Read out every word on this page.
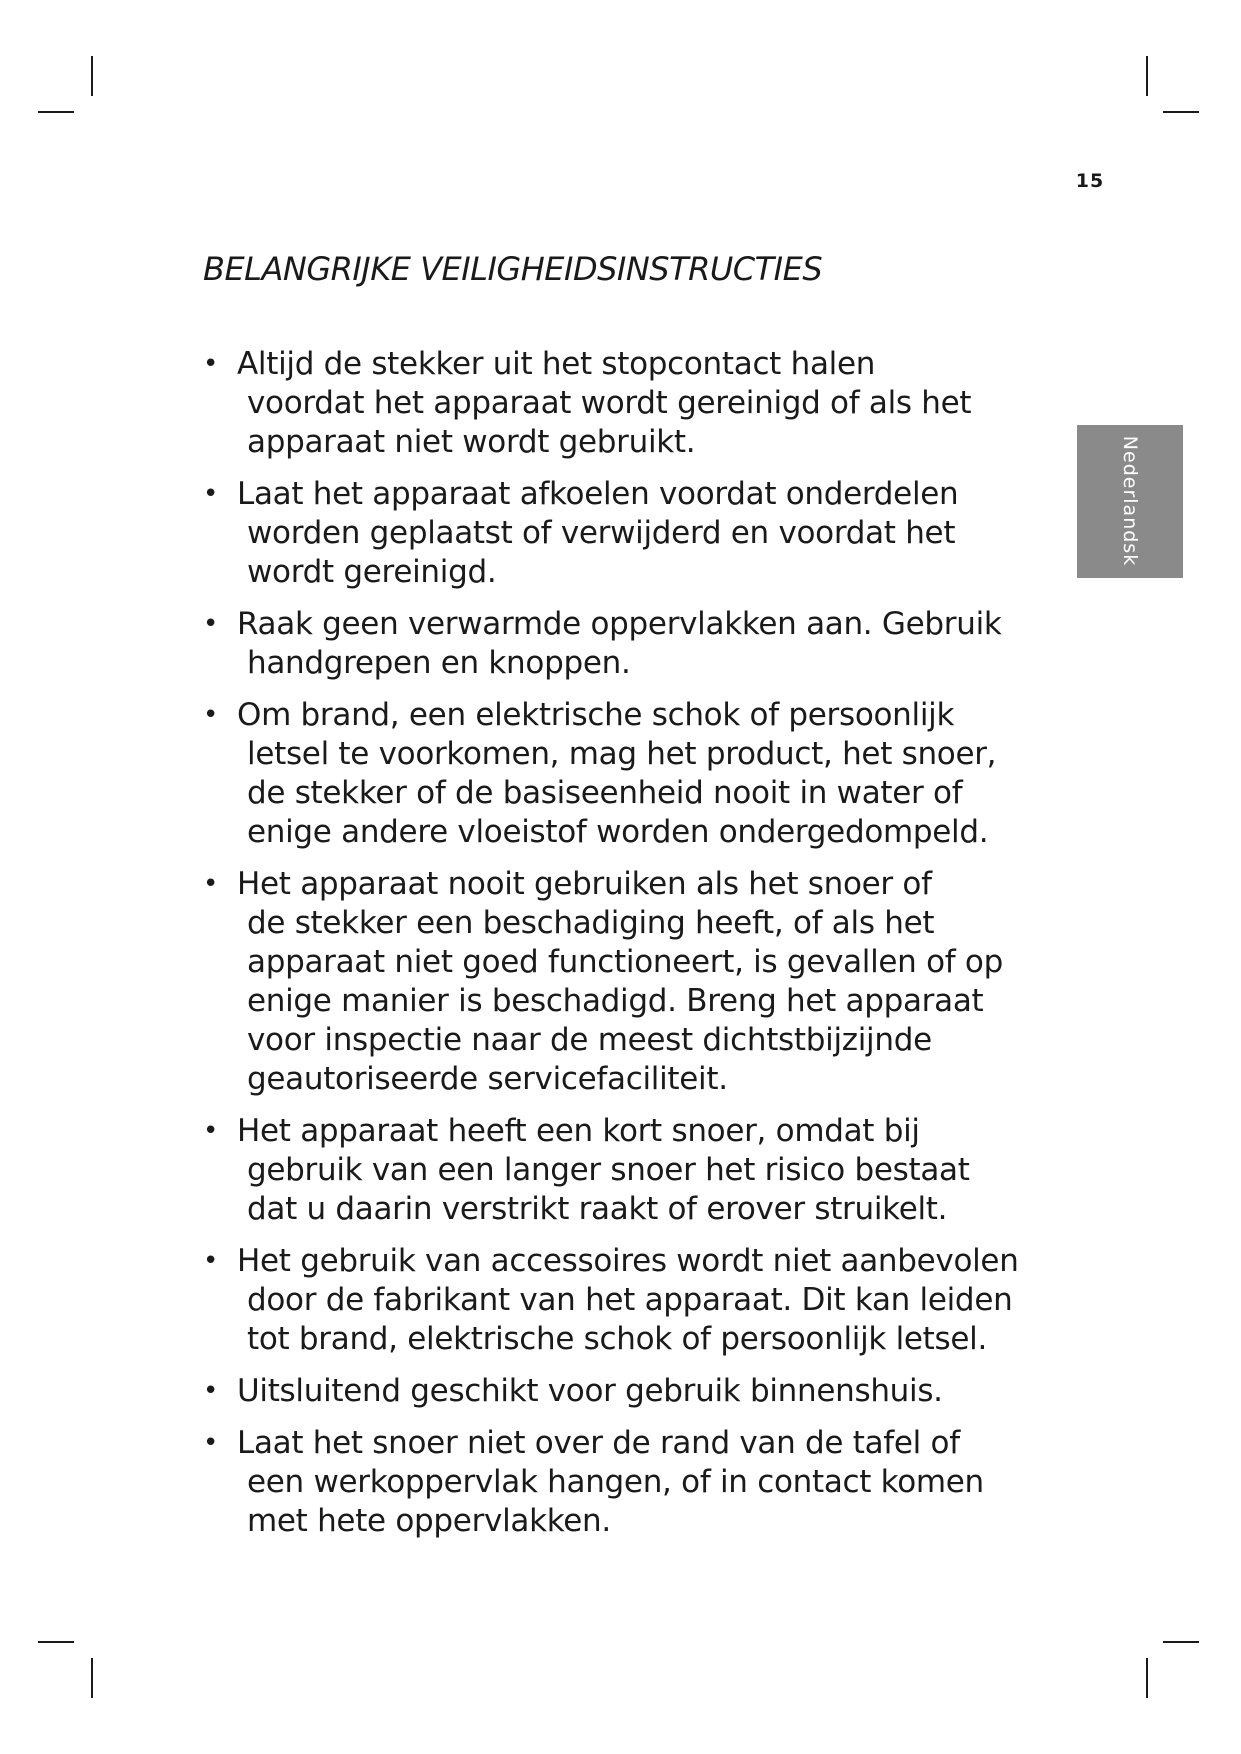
15
Nederlandsk
BELANGRIJKE VEILIGHEIDSINSTRUCTIES
• Altijd de stekker uit het stopcontact halen
voordat het apparaat wordt gereinigd of als het
apparaat niet wordt gebruikt.
• Laat het apparaat afkoelen voordat onderdelen
worden geplaatst of verwijderd en voordat het
wordt gereinigd.
• Raak geen verwarmde oppervlakken aan. Gebruik
handgrepen en knoppen.
• Om brand, een elektrische schok of persoonlijk
letsel te voorkomen, mag het product, het snoer,
de stekker of de basiseenheid nooit in water of
enige andere vloeistof worden ondergedompeld.
• Het apparaat nooit gebruiken als het snoer of
de stekker een beschadiging heeft, of als het
apparaat niet goed functioneert, is gevallen of op
enige manier is beschadigd. Breng het apparaat
voor inspectie naar de meest dichtstbijzijnde
geautoriseerde servicefaciliteit.
• Het apparaat heeft een kort snoer, omdat bij
gebruik van een langer snoer het risico bestaat
dat u daarin verstrikt raakt of erover struikelt.
• Het gebruik van accessoires wordt niet aanbevolen
door de fabrikant van het apparaat. Dit kan leiden
tot brand, elektrische schok of persoonlijk letsel.
• Uitsluitend geschikt voor gebruik binnenshuis.
• Laat het snoer niet over de rand van de tafel of
een werkoppervlak hangen, of in contact komen
met hete oppervlakken.
